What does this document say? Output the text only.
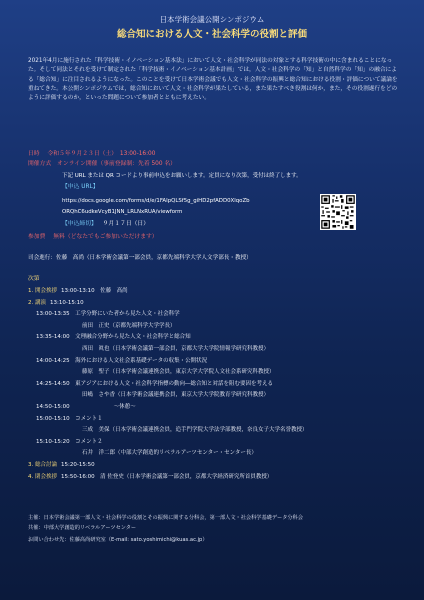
日本学術会議公開シンポジウム
総合知における人文・社会科学の役割と評価
2021年4月に施行された「科学技術・イノベーション基本法」において人文・社会科学が同法の対象とする科学技術の中に含まれることになった。そして同法とそれを受けて制定された「科学技術・イノベーション基本計画」では，人文・社会科学の「知」と自然科学の「知」の融合による「総合知」に注目されるようになった。このことを受けて日本学術会議でも人文・社会科学の振興と総合知における役割・評価について議論を重ねてきた。本公開シンポジウムでは，総合知において人文・社会科学が果たしている，また果たすべき役割は何か，また，その役割遂行をどのように評価するのか，といった問題について参加者とともに考えたい。
日時 令和５年９月２３日（土）　13:00-16:00
開催方式 オンライン開催（事前登録制：先着 500 名）
下記 URL または QR コードより事前申込をお願いします。定員になり次第，受付は終了します。
【申込 URL】
https://docs.google.com/forms/d/e/1FAIpQLSf5g_giHD2pfADD0XlqoZb
ORQhC6udkeVcyB1JNN_LRLNxRUA/viewform
【申込締切】 ９月１７日（日）
参加費 無料（どなたでもご参加いただけます）
司会進行：佐藤　高尚（日本学術会議第一部会員，京都先端科学大学人文学部長・教授）
次第
1. 開会挨拶 13:00-13:10　佐藤　高尚
2. 講演 13:10-15:10
13:00-13:35　工学分野にいた者から見た人文・社会科学
前田　正史（京都先端科学大学学長）
13:35-14:00　文理融合分野から見た人文・社会科学と総合知
西田　眞也（日本学術会議第一部会員，京都大学大学院情報学研究科教授）
14:00-14:25　海外における人文社会系基礎データの収集・公開状況
藤原　聖子（日本学術会議連携会員，東京大学大学院人文社会系研究科教授）
14:25-14:50　東アジアにおける人文・社会科学指標の動向―総合知と対話を阻む要因を考える
田嶋　さや香（日本学術会議連携会員，東京大学大学院教育学研究科教授）
14:50-15:00　　　　　　　　～休憩～
15:00-15:10　コメント１
三成　美保（日本学術会議連携会員，追手門学院大学法学部教授，奈良女子大学名誉教授）
15:10-15:20　コメント２
石井　洋二郎（中部大学創造的リベラルアーツセンター・センター長）
3. 総合討論 15:20-15:50
4. 閉会挨拶 15:50-16:00　清︎︎︎ 佐登史（日本学術会議第一部会員，京都大学経済研究所首員教授）
主催：日本学術会議第一部人文・社会科学の役割とその振興に関する分科会，第一部人文・社会科学基礎データ分科会
共催：中部大学創造的リベラルアーツセンター
お問い合わせ先：佐藤高尚研究室（E-mail: sato.yoshimichi@kuas.ac.jp）
